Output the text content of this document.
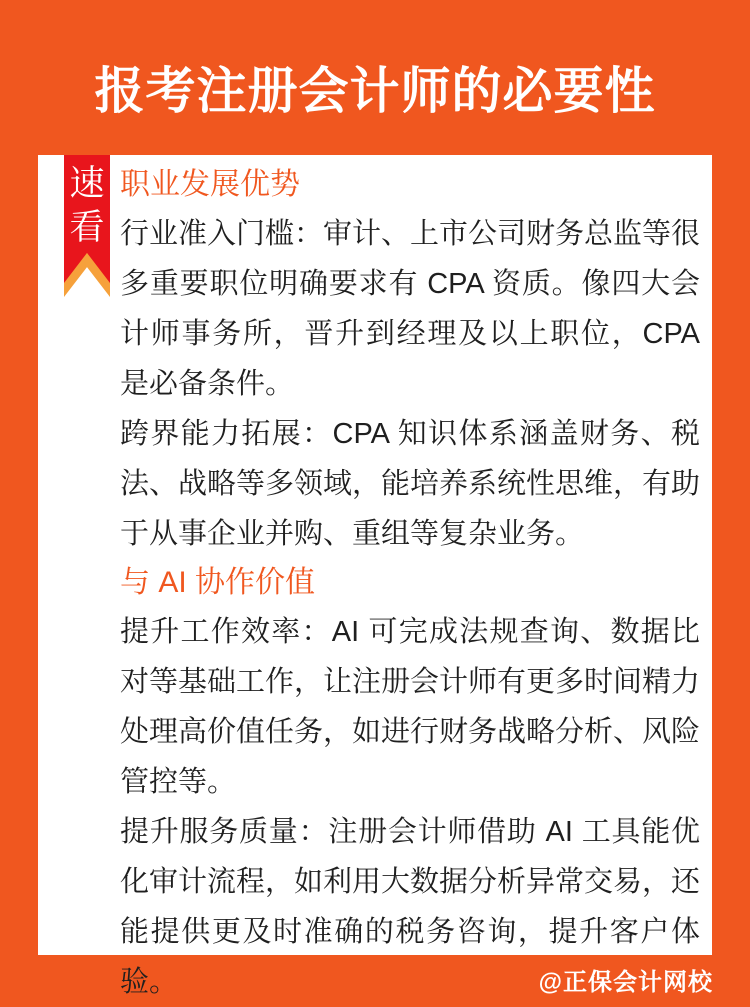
报考注册会计师的必要性
速
看
职业发展优势

行业准入门槛：审计、上市公司财务总监等很多重要职位明确要求有 CPA 资质。像四大会计师事务所，晋升到经理及以上职位，CPA 是必备条件。

跨界能力拓展：CPA 知识体系涵盖财务、税法、战略等多领域，能培养系统性思维，有助于从事企业并购、重组等复杂业务。

与 AI 协作价值

提升工作效率：AI 可完成法规查询、数据比对等基础工作，让注册会计师有更多时间精力处理高价值任务，如进行财务战略分析、风险管控等。

提升服务质量：注册会计师借助 AI 工具能优化审计流程，如利用大数据分析异常交易，还能提供更及时准确的税务咨询，提升客户体验。	@正保会计网校
